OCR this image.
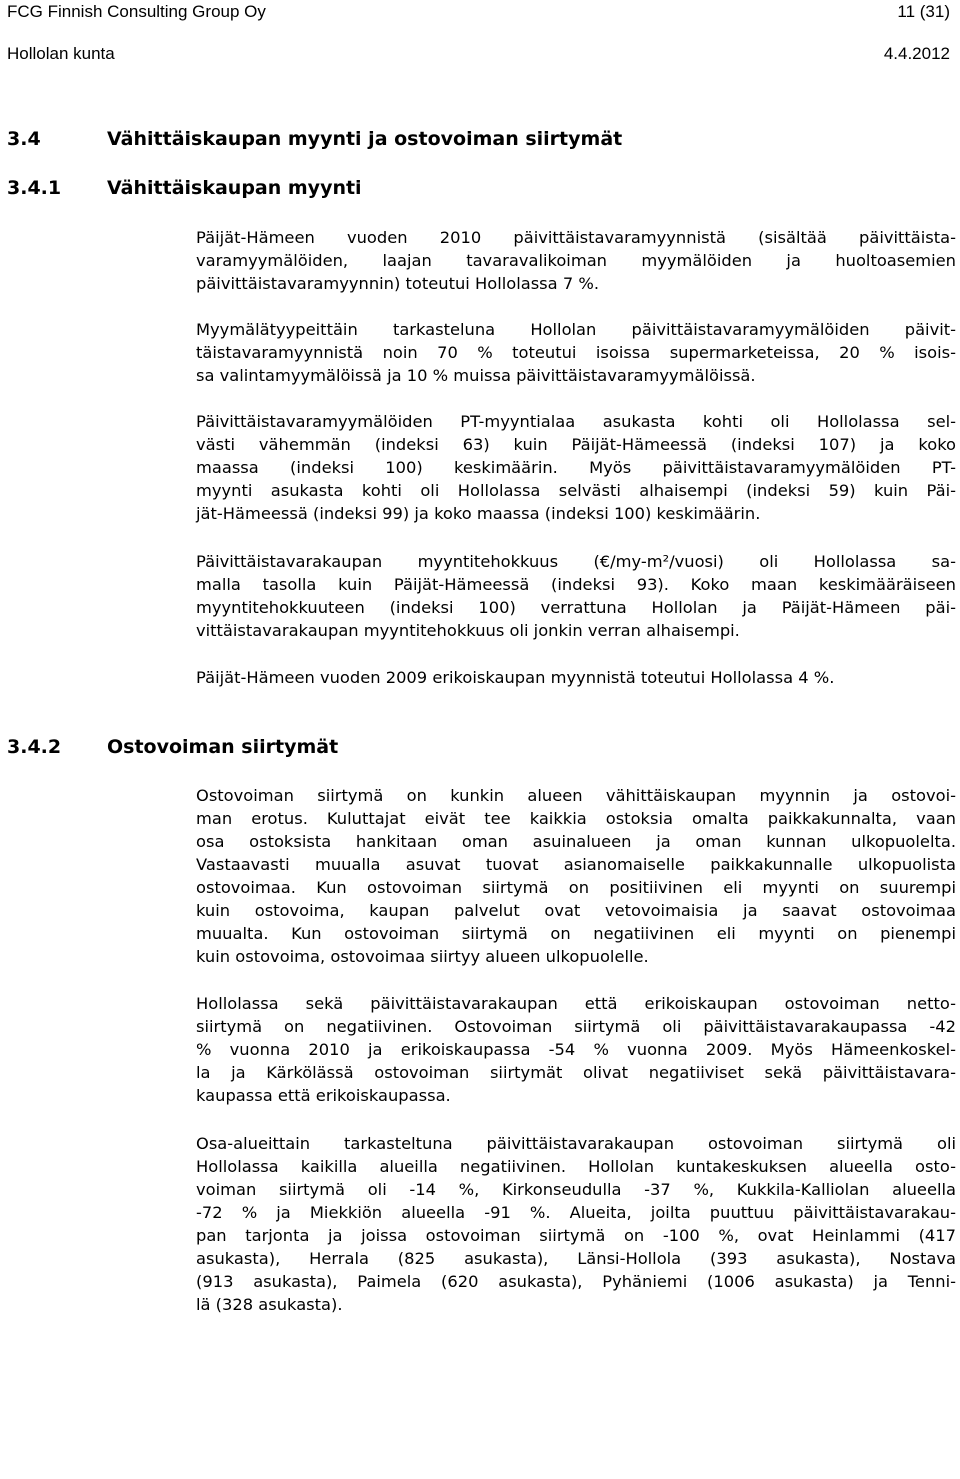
FCG Finnish Consulting Group Oy	11 (31)
Hollolan kunta	4.4.2012
3.4	Vähittäiskaupan myynti ja ostovoiman siirtymät
3.4.1 Vähittäiskaupan myynti
Päijät-Hämeen vuoden 2010 päivittäistavaramyynnistä (sisältää päivittäista-
varamyymälöiden, laajan tavaravalikoiman myymälöiden ja huoltoasemien
päivittäistavaramyynnin) toteutui Hollolassa 7 %.
Myymälätyypeittäin tarkasteluna Hollolan päivittäistavaramyymälöiden päivit-
täistavaramyynnistä noin 70 % toteutui isoissa supermarketeissa, 20 % isois-
sa valintamyymälöissä ja 10 % muissa päivittäistavaramyymälöissä.
Päivittäistavaramyymälöiden PT-myyntialaa asukasta kohti oli Hollolassa sel-
västi vähemmän (indeksi 63) kuin Päijät-Hämeessä (indeksi 107) ja koko
maassa (indeksi 100) keskimäärin. Myös päivittäistavaramyymälöiden PT-
myynti asukasta kohti oli Hollolassa selvästi alhaisempi (indeksi 59) kuin Päi-
jät-Hämeessä (indeksi 99) ja koko maassa (indeksi 100) keskimäärin.
Päivittäistavarakaupan myyntitehokkuus (€/my-m²/vuosi) oli Hollolassa sa-
malla tasolla kuin Päijät-Hämeessä (indeksi 93). Koko maan keskimääräiseen
myyntitehokkuuteen (indeksi 100) verrattuna Hollolan ja Päijät-Hämeen päi-
vittäistavarakaupan myyntitehokkuus oli jonkin verran alhaisempi.
Päijät-Hämeen vuoden 2009 erikoiskaupan myynnistä toteutui Hollolassa 4 %.
3.4.2 Ostovoiman siirtymät
Ostovoiman siirtymä on kunkin alueen vähittäiskaupan myynnin ja ostovoi-
man erotus. Kuluttajat eivät tee kaikkia ostoksia omalta paikkakunnalta, vaan
osa ostoksista hankitaan oman asuinalueen ja oman kunnan ulkopuolelta.
Vastaavasti muualla asuvat tuovat asianomaiselle paikkakunnalle ulkopuolista
ostovoimaa. Kun ostovoiman siirtymä on positiivinen eli myynti on suurempi
kuin ostovoima, kaupan palvelut ovat vetovoimaisia ja saavat ostovoimaa
muualta. Kun ostovoiman siirtymä on negatiivinen eli myynti on pienempi
kuin ostovoima, ostovoimaa siirtyy alueen ulkopuolelle.
Hollolassa sekä päivittäistavarakaupan että erikoiskaupan ostovoiman netto-
siirtymä on negatiivinen. Ostovoiman siirtymä oli päivittäistavarakaupassa -42
% vuonna 2010 ja erikoiskaupassa -54 % vuonna 2009. Myös Hämeenkoskel-
la ja Kärkölässä ostovoiman siirtymät olivat negatiiviset sekä päivittäistavara-
kaupassa että erikoiskaupassa.
Osa-alueittain tarkasteltuna päivittäistavarakaupan ostovoiman siirtymä oli
Hollolassa kaikilla alueilla negatiivinen. Hollolan kuntakeskuksen alueella osto-
voiman siirtymä oli -14 %, Kirkonseudulla -37 %, Kukkila-Kalliolan alueella
-72 % ja Miekkiön alueella -91 %. Alueita, joilta puuttuu päivittäistavarakau-
pan tarjonta ja joissa ostovoiman siirtymä on -100 %, ovat Heinlammi (417
asukasta), Herrala (825 asukasta), Länsi-Hollola (393 asukasta), Nostava
(913 asukasta), Paimela (620 asukasta), Pyhäniemi (1006 asukasta) ja Tenni-
lä (328 asukasta).
